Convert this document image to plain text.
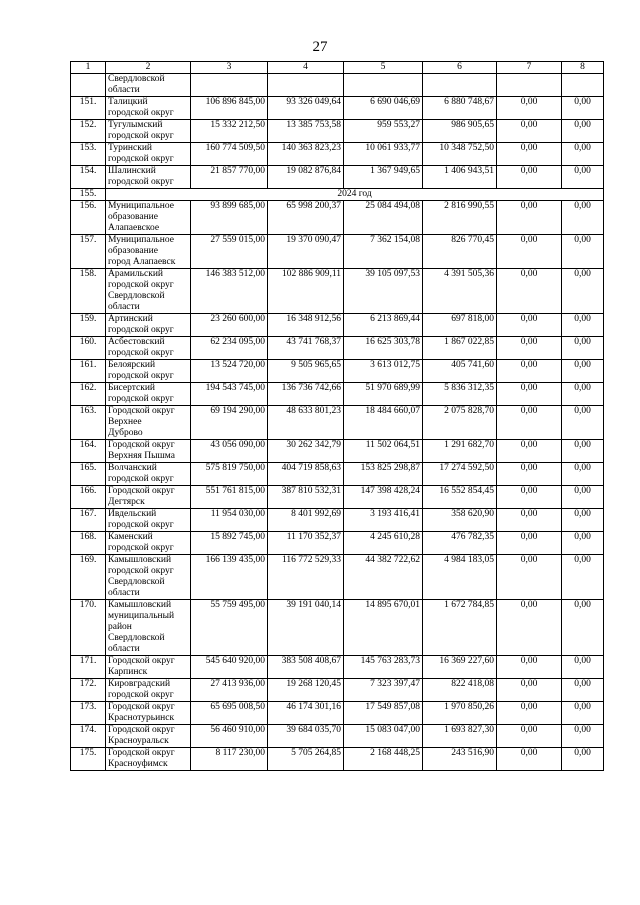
27
1	2	3	4	5	6	7	8

	Свердловской
области						

151.	Талицкий
городской округ	106 896 845,00	93 326 049,64	6 690 046,69	6 880 748,67	0,00	0,00
152.	Тугулымский
городской округ	15 332 212,50	13 385 753,58	959 553,27	986 905,65	0,00	0,00
153.	Туринский
городской округ	160 774 509,50	140 363 823,23	10 061 933,77	10 348 752,50	0,00	0,00
154.	Шалинский
городской округ	21 857 770,00	19 082 876,84	1 367 949,65	1 406 943,51	0,00	0,00
155.	2024 год						
156.	Муниципальное
образование
Алапаевское	93 899 685,00	65 998 200,37	25 084 494,08	2 816 990,55	0,00	0,00
157.	Муниципальное
образование
город Алапаевск	27 559 015,00	19 370 090,47	7 362 154,08	826 770,45	0,00	0,00
158.	Арамильский
городской округ
Свердловской
области	146 383 512,00	102 886 909,11	39 105 097,53	4 391 505,36	0,00	0,00
159.	Артинский
городской округ	23 260 600,00	16 348 912,56	6 213 869,44	697 818,00	0,00	0,00
160.	Асбестовский
городской округ	62 234 095,00	43 741 768,37	16 625 303,78	1 867 022,85	0,00	0,00
161.	Белоярский
городской округ	13 524 720,00	9 505 965,65	3 613 012,75	405 741,60	0,00	0,00
162.	Бисертский
городской округ	194 543 745,00	136 736 742,66	51 970 689,99	5 836 312,35	0,00	0,00
163.	Городской округ
Верхнее
Дуброво	69 194 290,00	48 633 801,23	18 484 660,07	2 075 828,70	0,00	0,00
164.	Городской округ
Верхняя Пышма	43 056 090,00	30 262 342,79	11 502 064,51	1 291 682,70	0,00	0,00
165.	Волчанский
городской округ	575 819 750,00	404 719 858,63	153 825 298,87	17 274 592,50	0,00	0,00
166.	Городской округ
Дегтярск	551 761 815,00	387 810 532,31	147 398 428,24	16 552 854,45	0,00	0,00
167.	Ивдельский
городской округ	11 954 030,00	8 401 992,69	3 193 416,41	358 620,90	0,00	0,00
168.	Каменский
городской округ	15 892 745,00	11 170 352,37	4 245 610,28	476 782,35	0,00	0,00
169.	Камышловский
городской округ
Свердловской
области	166 139 435,00	116 772 529,33	44 382 722,62	4 984 183,05	0,00	0,00
170.	Камышловский
муниципальный
район
Свердловской
области	55 759 495,00	39 191 040,14	14 895 670,01	1 672 784,85	0,00	0,00
171.	Городской округ
Карпинск	545 640 920,00	383 508 408,67	145 763 283,73	16 369 227,60	0,00	0,00
172.	Кировградский
городской округ	27 413 936,00	19 268 120,45	7 323 397,47	822 418,08	0,00	0,00
173.	Городской округ
Краснотурьинск	65 695 008,50	46 174 301,16	17 549 857,08	1 970 850,26	0,00	0,00
174.	Городской округ
Красноуральск	56 460 910,00	39 684 035,70	15 083 047,00	1 693 827,30	0,00	0,00
175.	Городской округ
Красноуфимск	8 117 230,00	5 705 264,85	2 168 448,25	243 516,90	0,00	0,00
